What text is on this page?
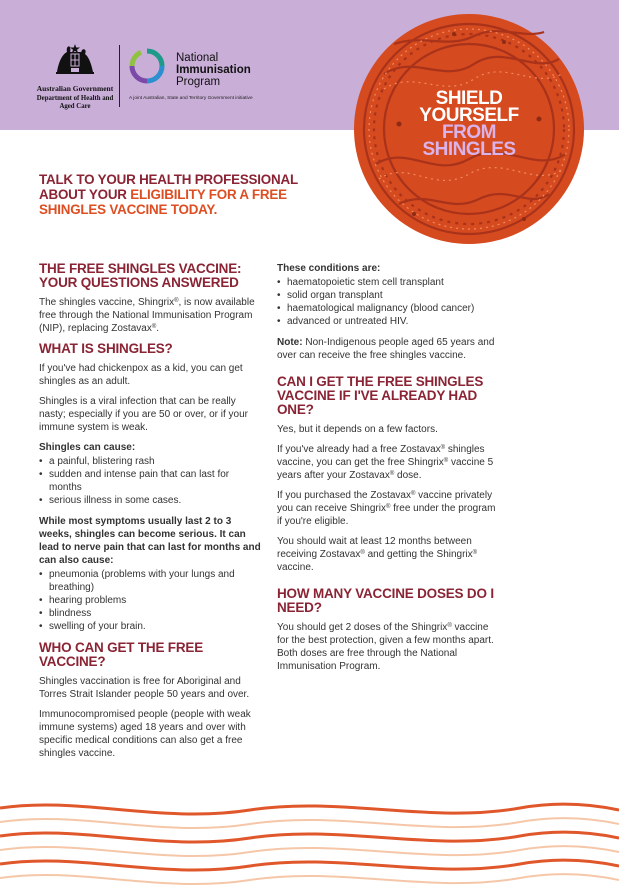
Australian Government
Department of Health and Aged Care
National
Immunisation
Program
A joint Australian, State and Territory Government initiative	SHIELD
YOURSELF
FROM
SHINGLES
TALK TO YOUR HEALTH PROFESSIONAL ABOUT YOUR ELIGIBILITY FOR A FREE SHINGLES VACCINE TODAY.
THE FREE SHINGLES VACCINE: YOUR QUESTIONS ANSWERED

The shingles vaccine, Shingrix®, is now available free through the National Immunisation Program (NIP), replacing Zostavax®.

WHAT IS SHINGLES?

If you've had chickenpox as a kid, you can get shingles as an adult.

Shingles is a viral infection that can be really nasty; especially if you are 50 or over, or if your immune system is weak.

Shingles can cause:
• a painful, blistering rash
• sudden and intense pain that can last for months
• serious illness in some cases.
While most symptoms usually last 2 to 3 weeks, shingles can become serious. It can lead to nerve pain that can last for months and can also cause:
• pneumonia (problems with your lungs and breathing)
• hearing problems
• blindness
• swelling of your brain.
WHO CAN GET THE FREE VACCINE?

Shingles vaccination is free for Aboriginal and Torres Strait Islander people 50 years and over.

Immunocompromised people (people with weak immune systems) aged 18 years and over with specific medical conditions can also get a free shingles vaccine.

These conditions are:
• haematopoietic stem cell transplant
• solid organ transplant
• haematological malignancy (blood cancer)
• advanced or untreated HIV.

Note: Non-Indigenous people aged 65 years and over can receive the free shingles vaccine.

CAN I GET THE FREE SHINGLES VACCINE IF I'VE ALREADY HAD ONE?

Yes, but it depends on a few factors.

If you've already had a free Zostavax® shingles vaccine, you can get the free Shingrix® vaccine 5 years after your Zostavax® dose.

If you purchased the Zostavax® vaccine privately you can receive Shingrix® free under the program if you're eligible.

You should wait at least 12 months between receiving Zostavax® and getting the Shingrix® vaccine.

HOW MANY VACCINE DOSES DO I NEED?

You should get 2 doses of the Shingrix® vaccine for the best protection, given a few months apart. Both doses are free through the National Immunisation Program.
